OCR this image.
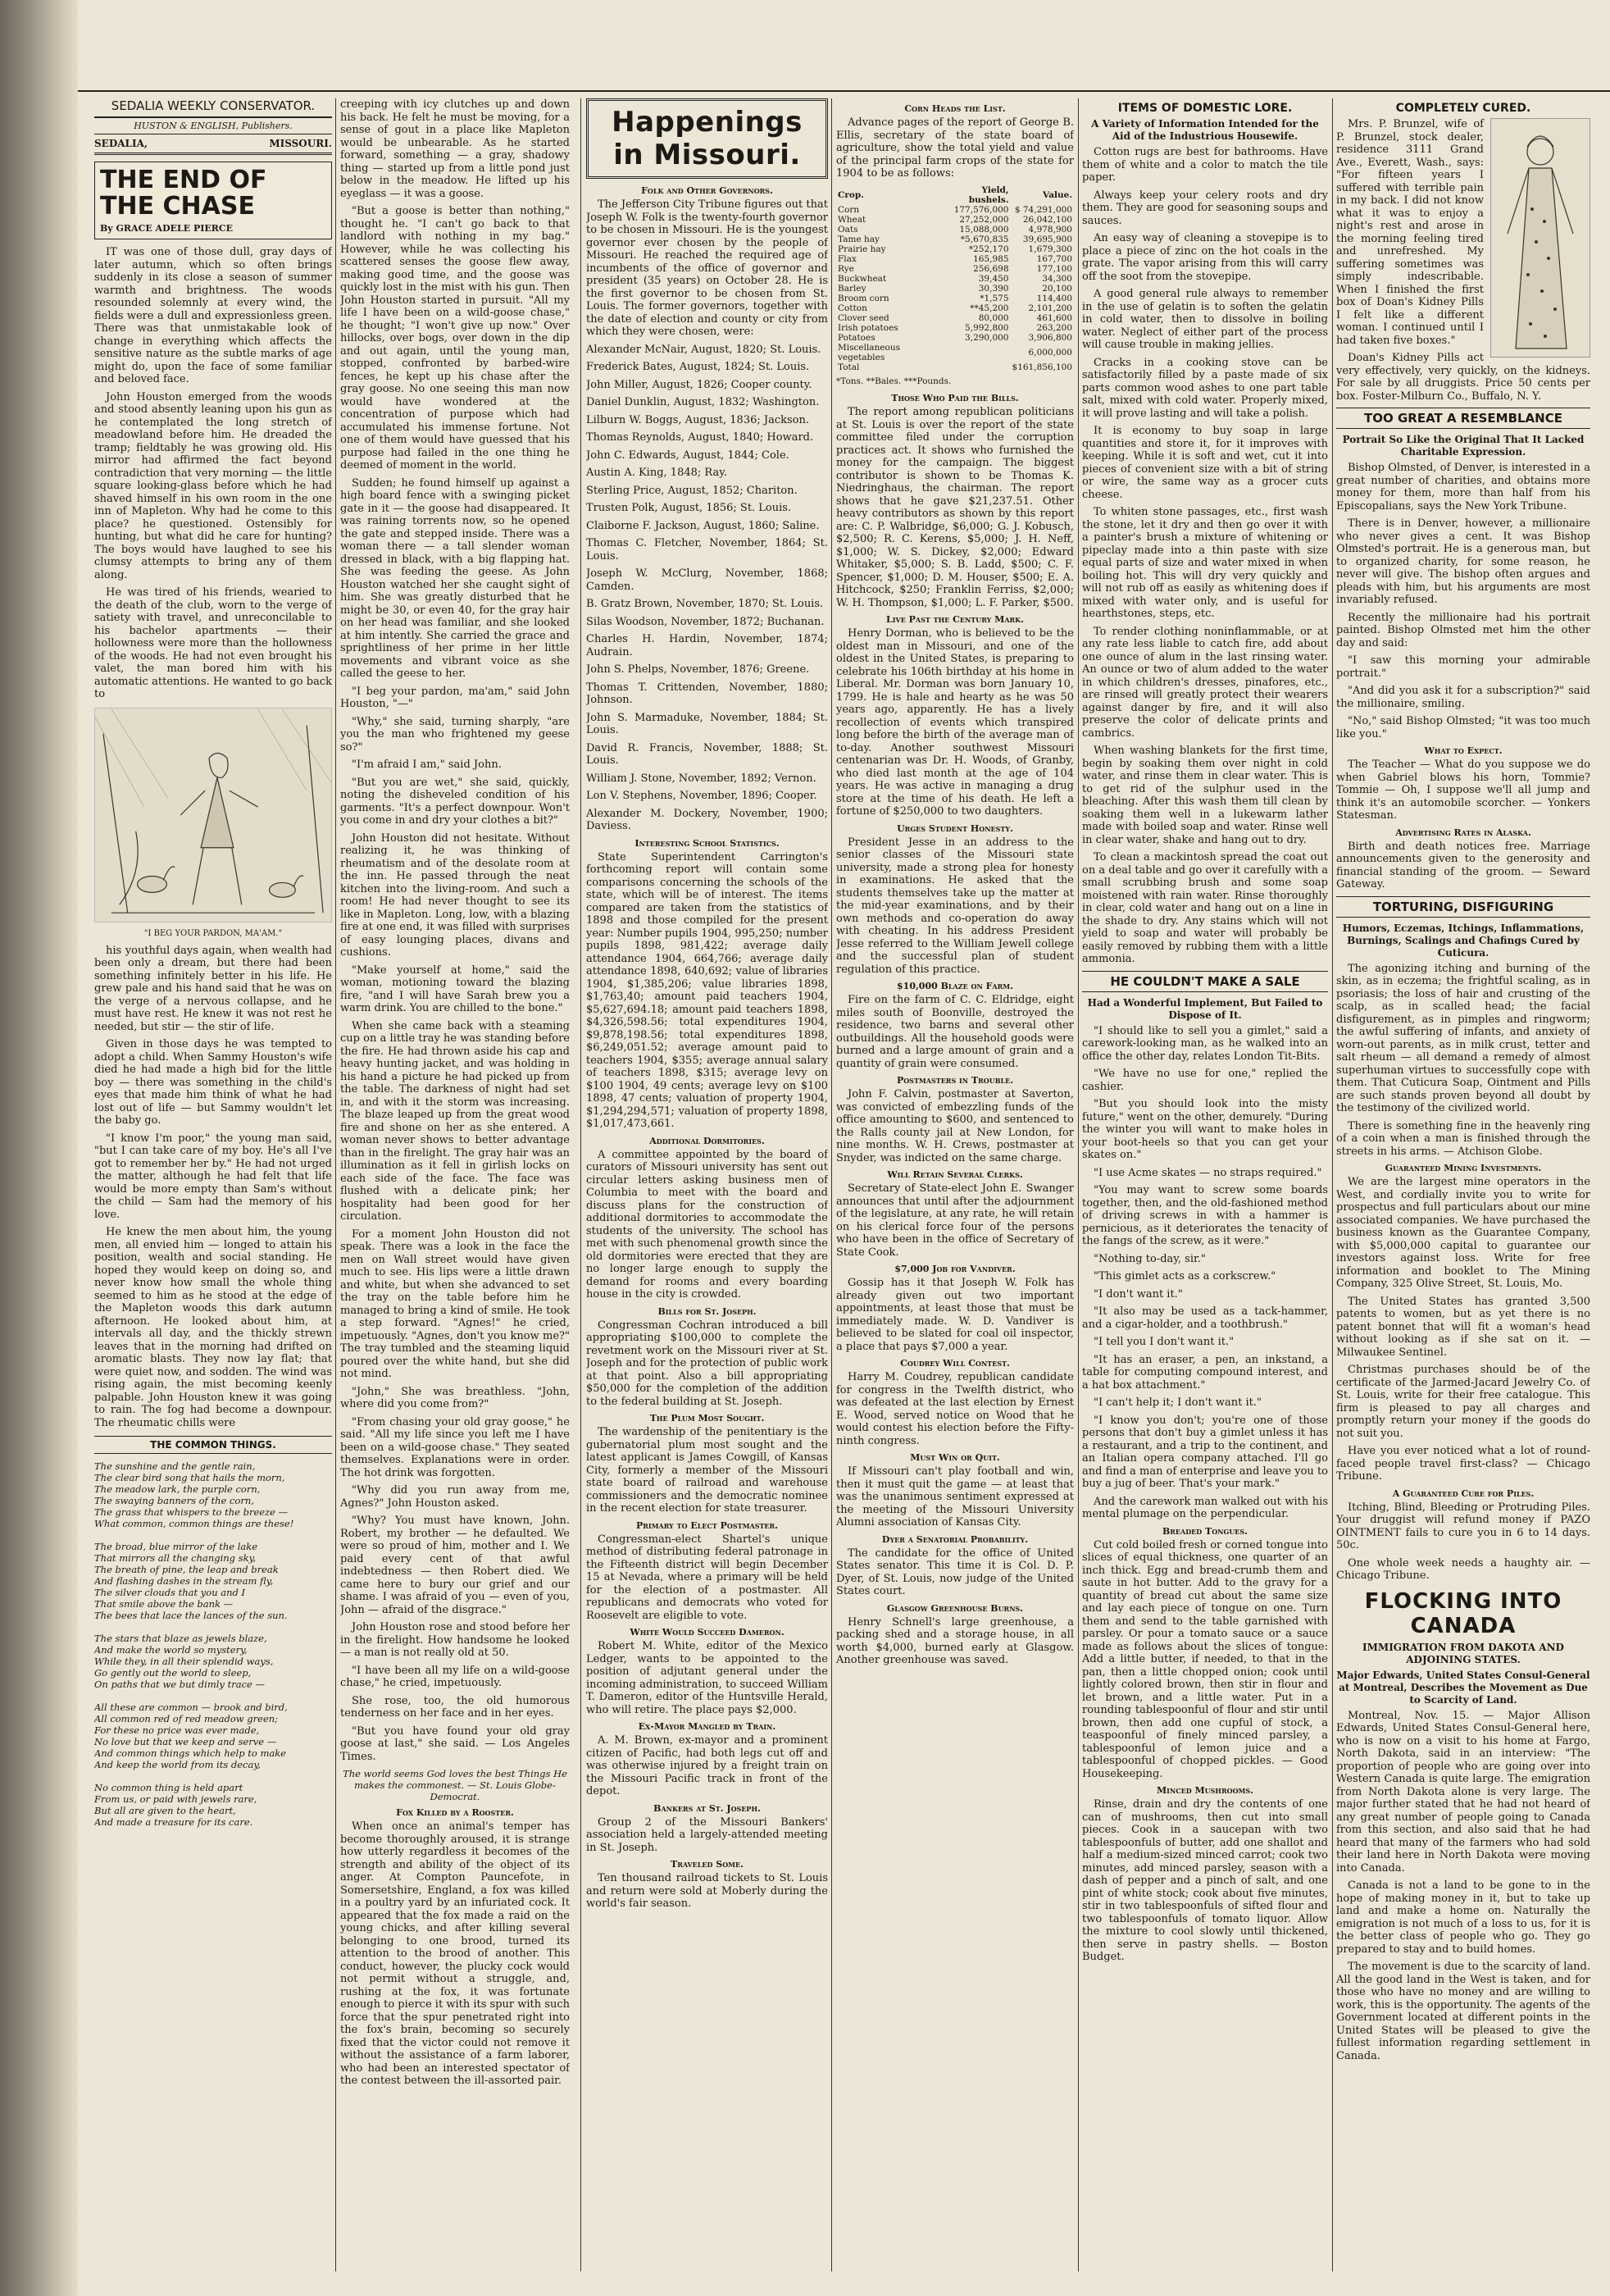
SEDALIA WEEKLY CONSERVATOR.
HUSTON & ENGLISH, Publishers.
SEDALIA,	MISSOURI.
THE END OF THE CHASE
By GRACE ADELE PIERCE

IT was one of those dull, gray days of later autumn, which so often brings suddenly in its close a season of summer warmth and brightness. The woods resounded solemnly at every wind, the fields were a dull and expressionless green. There was that unmistakable look of change in everything which affects the sensitive nature as the subtle marks of age might do, upon the face of some familiar and beloved face.

John Houston emerged from the woods and stood absently leaning upon his gun as he contemplated the long stretch of meadowland before him. He dreaded the tramp; fieldtably he was growing old. His mirror had affirmed the fact beyond contradiction that very morning — the little square looking-glass before which he had shaved himself in his own room in the one inn of Mapleton. Why had he come to this place? he questioned. Ostensibly for hunting, but what did he care for hunting? The boys would have laughed to see his clumsy attempts to bring any of them along.

He was tired of his friends, wearied to the death of the club, worn to the verge of satiety with travel, and unreconcilable to his bachelor apartments — their hollowness were more than the hollowness of the woods. He had not even brought his valet, the man bored him with his automatic attentions. He wanted to go back to

"I BEG YOUR PARDON, MA'AM."

his youthful days again, when wealth had been only a dream, but there had been something infinitely better in his life. He grew pale and his hand said that he was on the verge of a nervous collapse, and he must have rest. He knew it was not rest he needed, but stir — the stir of life.

Given in those days he was tempted to adopt a child. When Sammy Houston's wife died he had made a high bid for the little boy — there was something in the child's eyes that made him think of what he had lost out of life — but Sammy wouldn't let the baby go.

"I know I'm poor," the young man said, "but I can take care of my boy. He's all I've got to remember her by." He had not urged the matter, although he had felt that life would be more empty than Sam's without the child — Sam had the memory of his love.

He knew the men about him, the young men, all envied him — longed to attain his position, wealth and social standing. He hoped they would keep on doing so, and never know how small the whole thing seemed to him as he stood at the edge of the Mapleton woods this dark autumn afternoon. He looked about him, at intervals all day, and the thickly strewn leaves that in the morning had drifted on aromatic blasts. They now lay flat; that were quiet now, and sodden. The wind was rising again, the mist becoming keenly palpable. John Houston knew it was going to rain. The fog had become a downpour. The rheumatic chills were

THE COMMON THINGS.
The sunshine and the gentle rain,
The clear bird song that hails the morn,
The meadow lark, the purple corn,
The swaying banners of the corn,
The grass that whispers to the breeze —
What common, common things are these!

The broad, blue mirror of the lake
That mirrors all the changing sky,
The breath of pine, the leap and break
And flashing dashes in the stream fly,
The silver clouds that you and I
That smile above the bank —
The bees that lace the lances of the sun.

The stars that blaze as jewels blaze,
And make the world so mystery,
While they, in all their splendid ways,
Go gently out the world to sleep,
On paths that we but dimly trace —

All these are common — brook and bird,
All common red of red meadow green;
For these no price was ever made,
No love but that we keep and serve —
And common things which help to make
And keep the world from its decay,

No common thing is held apart
From us, or paid with jewels rare,
But all are given to the heart,
And made a treasure for its care.

creeping with icy clutches up and down his back. He felt he must be moving, for a sense of gout in a place like Mapleton would be unbearable. As he started forward, something — a gray, shadowy thing — started up from a little pond just below in the meadow. He lifted up his eyeglass — it was a goose.

"But a goose is better than nothing," thought he. "I can't go back to that landlord with nothing in my bag." However, while he was collecting his scattered senses the goose flew away, making good time, and the goose was quickly lost in the mist with his gun. Then John Houston started in pursuit. "All my life I have been on a wild-goose chase," he thought; "I won't give up now." Over hillocks, over bogs, over down in the dip and out again, until the young man, stopped, confronted by barbed-wire fences, he kept up his chase after the gray goose. No one seeing this man now would have wondered at the concentration of purpose which had accumulated his immense fortune. Not one of them would have guessed that his purpose had failed in the one thing he deemed of moment in the world.

Sudden; he found himself up against a high board fence with a swinging picket gate in it — the goose had disappeared. It was raining torrents now, so he opened the gate and stepped inside. There was a woman there — a tall slender woman dressed in black, with a big flapping hat. She was feeding the geese. As John Houston watched her she caught sight of him. She was greatly disturbed that he might be 30, or even 40, for the gray hair on her head was familiar, and she looked at him intently. She carried the grace and sprightliness of her prime in her little movements and vibrant voice as she called the geese to her.

"I beg your pardon, ma'am," said John Houston, "—"

"Why," she said, turning sharply, "are you the man who frightened my geese so?"

"I'm afraid I am," said John.

"But you are wet," she said, quickly, noting the disheveled condition of his garments. "It's a perfect downpour. Won't you come in and dry your clothes a bit?"

John Houston did not hesitate. Without realizing it, he was thinking of rheumatism and of the desolate room at the inn. He passed through the neat kitchen into the living-room. And such a room! He had never thought to see its like in Mapleton. Long, low, with a blazing fire at one end, it was filled with surprises of easy lounging places, divans and cushions.

"Make yourself at home," said the woman, motioning toward the blazing fire, "and I will have Sarah brew you a warm drink. You are chilled to the bone."

When she came back with a steaming cup on a little tray he was standing before the fire. He had thrown aside his cap and heavy hunting jacket, and was holding in his hand a picture he had picked up from the table. The darkness of night had set in, and with it the storm was increasing. The blaze leaped up from the great wood fire and shone on her as she entered. A woman never shows to better advantage than in the firelight. The gray hair was an illumination as it fell in girlish locks on each side of the face. The face was flushed with a delicate pink; her hospitality had been good for her circulation.

For a moment John Houston did not speak. There was a look in the face the men on Wall street would have given much to see. His lips were a little drawn and white, but when she advanced to set the tray on the table before him he managed to bring a kind of smile. He took a step forward. "Agnes!" he cried, impetuously. "Agnes, don't you know me?" The tray tumbled and the steaming liquid poured over the white hand, but she did not mind.

"John," She was breathless. "John, where did you come from?"

"From chasing your old gray goose," he said. "All my life since you left me I have been on a wild-goose chase." They seated themselves. Explanations were in order. The hot drink was forgotten.

"Why did you run away from me, Agnes?" John Houston asked.

"Why? You must have known, John. Robert, my brother — he defaulted. We were so proud of him, mother and I. We paid every cent of that awful indebtedness — then Robert died. We came here to bury our grief and our shame. I was afraid of you — even of you, John — afraid of the disgrace."

John Houston rose and stood before her in the firelight. How handsome he looked — a man is not really old at 50.

"I have been all my life on a wild-goose chase," he cried, impetuously.

She rose, too, the old humorous tenderness on her face and in her eyes.

"But you have found your old gray goose at last," she said. — Los Angeles Times.

The world seems God loves the best Things He makes the commonest. — St. Louis Globe-Democrat.

Fox Killed by a Rooster.

When once an animal's temper has become thoroughly aroused, it is strange how utterly regardless it becomes of the strength and ability of the object of its anger. At Compton Pauncefote, in Somersetshire, England, a fox was killed in a poultry yard by an infuriated cock. It appeared that the fox made a raid on the young chicks, and after killing several belonging to one brood, turned its attention to the brood of another. This conduct, however, the plucky cock would not permit without a struggle, and, rushing at the fox, it was fortunate enough to pierce it with its spur with such force that the spur penetrated right into the fox's brain, becoming so securely fixed that the victor could not remove it without the assistance of a farm laborer, who had been an interested spectator of the contest between the ill-assorted pair.

Happenings in Missouri.
Folk and Other Governors.

The Jefferson City Tribune figures out that Joseph W. Folk is the twenty-fourth governor to be chosen in Missouri. He is the youngest governor ever chosen by the people of Missouri. He reached the required age of incumbents of the office of governor and president (35 years) on October 28. He is the first governor to be chosen from St. Louis. The former governors, together with the date of election and county or city from which they were chosen, were:

Alexander McNair, August, 1820; St. Louis.

Frederick Bates, August, 1824; St. Louis.

John Miller, August, 1826; Cooper county.

Daniel Dunklin, August, 1832; Washington.

Lilburn W. Boggs, August, 1836; Jackson.

Thomas Reynolds, August, 1840; Howard.

John C. Edwards, August, 1844; Cole.

Austin A. King, 1848; Ray.

Sterling Price, August, 1852; Chariton.

Trusten Polk, August, 1856; St. Louis.

Claiborne F. Jackson, August, 1860; Saline.

Thomas C. Fletcher, November, 1864; St. Louis.

Joseph W. McClurg, November, 1868; Camden.

B. Gratz Brown, November, 1870; St. Louis.

Silas Woodson, November, 1872; Buchanan.

Charles H. Hardin, November, 1874; Audrain.

John S. Phelps, November, 1876; Greene.

Thomas T. Crittenden, November, 1880; Johnson.

John S. Marmaduke, November, 1884; St. Louis.

David R. Francis, November, 1888; St. Louis.

William J. Stone, November, 1892; Vernon.

Lon V. Stephens, November, 1896; Cooper.

Alexander M. Dockery, November, 1900; Daviess.

Interesting School Statistics.

State Superintendent Carrington's forthcoming report will contain some comparisons concerning the schools of the state, which will be of interest. The items compared are taken from the statistics of 1898 and those compiled for the present year: Number pupils 1904, 995,250; number pupils 1898, 981,422; average daily attendance 1904, 664,766; average daily attendance 1898, 640,692; value of libraries 1904, $1,385,206; value libraries 1898, $1,763,40; amount paid teachers 1904, $5,627,694.18; amount paid teachers 1898, $4,326,598.56; total expenditures 1904, $9,878,198.56; total expenditures 1898, $6,249,051.52; average amount paid to teachers 1904, $355; average annual salary of teachers 1898, $315; average levy on $100 1904, 49 cents; average levy on $100 1898, 47 cents; valuation of property 1904, $1,294,294,571; valuation of property 1898, $1,017,473,661.

Additional Dormitories.

A committee appointed by the board of curators of Missouri university has sent out circular letters asking business men of Columbia to meet with the board and discuss plans for the construction of additional dormitories to accommodate the students of the university. The school has met with such phenomenal growth since the old dormitories were erected that they are no longer large enough to supply the demand for rooms and every boarding house in the city is crowded.

Bills for St. Joseph.

Congressman Cochran introduced a bill appropriating $100,000 to complete the revetment work on the Missouri river at St. Joseph and for the protection of public work at that point. Also a bill appropriating $50,000 for the completion of the addition to the federal building at St. Joseph.

The Plum Most Sought.

The wardenship of the penitentiary is the gubernatorial plum most sought and the latest applicant is James Cowgill, of Kansas City, formerly a member of the Missouri state board of railroad and warehouse commissioners and the democratic nominee in the recent election for state treasurer.

Primary to Elect Postmaster.

Congressman-elect Shartel's unique method of distributing federal patronage in the Fifteenth district will begin December 15 at Nevada, where a primary will be held for the election of a postmaster. All republicans and democrats who voted for Roosevelt are eligible to vote.

White Would Succeed Dameron.

Robert M. White, editor of the Mexico Ledger, wants to be appointed to the position of adjutant general under the incoming administration, to succeed William T. Dameron, editor of the Huntsville Herald, who will retire. The place pays $2,000.

Ex-Mayor Mangled by Train.

A. M. Brown, ex-mayor and a prominent citizen of Pacific, had both legs cut off and was otherwise injured by a freight train on the Missouri Pacific track in front of the depot.

Bankers at St. Joseph.

Group 2 of the Missouri Bankers' association held a largely-attended meeting in St. Joseph.

Traveled Some.

Ten thousand railroad tickets to St. Louis and return were sold at Moberly during the world's fair season.

Corn Heads the List.

Advance pages of the report of George B. Ellis, secretary of the state board of agriculture, show the total yield and value of the principal farm crops of the state for 1904 to be as follows:

Crop.	Yield, bushels.	Value.
Corn	177,576,000	$ 74,291,000
Wheat	27,252,000	26,042,100
Oats	15,088,000	4,978,900
Tame hay	*5,670,835	39,695,900
Prairie hay	*252,170	1,679,300
Flax	165,985	167,700
Rye	256,698	177,100
Buckwheat	39,450	34,300
Barley	30,390	20,100
Broom corn	*1,575	114,400
Cotton	**45,200	2,101,200
Clover seed	80,000	461,600
Irish potatoes	5,992,800	263,200
Potatoes	3,290,000	3,906,800
Miscellaneous vegetables		6,000,000
Total		$161,856,100

*Tons. **Bales. ***Pounds.

Those Who Paid the Bills.

The report among republican politicians at St. Louis is over the report of the state committee filed under the corruption practices act. It shows who furnished the money for the campaign. The biggest contributor is shown to be Thomas K. Niedringhaus, the chairman. The report shows that he gave $21,237.51. Other heavy contributors as shown by this report are: C. P. Walbridge, $6,000; G. J. Kobusch, $2,500; R. C. Kerens, $5,000; J. H. Neff, $1,000; W. S. Dickey, $2,000; Edward Whitaker, $5,000; S. B. Ladd, $500; C. F. Spencer, $1,000; D. M. Houser, $500; E. A. Hitchcock, $250; Franklin Ferriss, $2,000; W. H. Thompson, $1,000; L. F. Parker, $500.

Live Past the Century Mark.

Henry Dorman, who is believed to be the oldest man in Missouri, and one of the oldest in the United States, is preparing to celebrate his 106th birthday at his home in Liberal. Mr. Dorman was born January 10, 1799. He is hale and hearty as he was 50 years ago, apparently. He has a lively recollection of events which transpired long before the birth of the average man of to-day. Another southwest Missouri centenarian was Dr. H. Woods, of Granby, who died last month at the age of 104 years. He was active in managing a drug store at the time of his death. He left a fortune of $250,000 to two daughters.

Urges Student Honesty.

President Jesse in an address to the senior classes of the Missouri state university, made a strong plea for honesty in examinations. He asked that the students themselves take up the matter at the mid-year examinations, and by their own methods and co-operation do away with cheating. In his address President Jesse referred to the William Jewell college and the successful plan of student regulation of this practice.

$10,000 Blaze on Farm.

Fire on the farm of C. C. Eldridge, eight miles south of Boonville, destroyed the residence, two barns and several other outbuildings. All the household goods were burned and a large amount of grain and a quantity of grain were consumed.

Postmasters in Trouble.

John F. Calvin, postmaster at Saverton, was convicted of embezzling funds of the office amounting to $600, and sentenced to the Ralls county jail at New London, for nine months. W. H. Crews, postmaster at Snyder, was indicted on the same charge.

Will Retain Several Clerks.

Secretary of State-elect John E. Swanger announces that until after the adjournment of the legislature, at any rate, he will retain on his clerical force four of the persons who have been in the office of Secretary of State Cook.

$7,000 Job for Vandiver.

Gossip has it that Joseph W. Folk has already given out two important appointments, at least those that must be immediately made. W. D. Vandiver is believed to be slated for coal oil inspector, a place that pays $7,000 a year.

Coudrey Will Contest.

Harry M. Coudrey, republican candidate for congress in the Twelfth district, who was defeated at the last election by Ernest E. Wood, served notice on Wood that he would contest his election before the Fifty-ninth congress.

Must Win or Quit.

If Missouri can't play football and win, then it must quit the game — at least that was the unanimous sentiment expressed at the meeting of the Missouri University Alumni association of Kansas City.

Dyer a Senatorial Probability.

The candidate for the office of United States senator. This time it is Col. D. P. Dyer, of St. Louis, now judge of the United States court.

Glasgow Greenhouse Burns.

Henry Schnell's large greenhouse, a packing shed and a storage house, in all worth $4,000, burned early at Glasgow. Another greenhouse was saved.

ITEMS OF DOMESTIC LORE.
A Variety of Information Intended for the Aid of the Industrious Housewife.

Cotton rugs are best for bathrooms. Have them of white and a color to match the tile paper.

Always keep your celery roots and dry them. They are good for seasoning soups and sauces.

An easy way of cleaning a stovepipe is to place a piece of zinc on the hot coals in the grate. The vapor arising from this will carry off the soot from the stovepipe.

A good general rule always to remember in the use of gelatin is to soften the gelatin in cold water, then to dissolve in boiling water. Neglect of either part of the process will cause trouble in making jellies.

Cracks in a cooking stove can be satisfactorily filled by a paste made of six parts common wood ashes to one part table salt, mixed with cold water. Properly mixed, it will prove lasting and will take a polish.

It is economy to buy soap in large quantities and store it, for it improves with keeping. While it is soft and wet, cut it into pieces of convenient size with a bit of string or wire, the same way as a grocer cuts cheese.

To whiten stone passages, etc., first wash the stone, let it dry and then go over it with a painter's brush a mixture of whitening or pipeclay made into a thin paste with size equal parts of size and water mixed in when boiling hot. This will dry very quickly and will not rub off as easily as whitening does if mixed with water only, and is useful for hearthstones, steps, etc.

To render clothing noninflammable, or at any rate less liable to catch fire, add about one ounce of alum in the last rinsing water. An ounce or two of alum added to the water in which children's dresses, pinafores, etc., are rinsed will greatly protect their wearers against danger by fire, and it will also preserve the color of delicate prints and cambrics.

When washing blankets for the first time, begin by soaking them over night in cold water, and rinse them in clear water. This is to get rid of the sulphur used in the bleaching. After this wash them till clean by soaking them well in a lukewarm lather made with boiled soap and water. Rinse well in clear water, shake and hang out to dry.

To clean a mackintosh spread the coat out on a deal table and go over it carefully with a small scrubbing brush and some soap moistened with rain water. Rinse thoroughly in clear, cold water and hang out on a line in the shade to dry. Any stains which will not yield to soap and water will probably be easily removed by rubbing them with a little ammonia.

HE COULDN'T MAKE A SALE
Had a Wonderful Implement, But Failed to Dispose of It.

"I should like to sell you a gimlet," said a carework-looking man, as he walked into an office the other day, relates London Tit-Bits.

"We have no use for one," replied the cashier.

"But you should look into the misty future," went on the other, demurely. "During the winter you will want to make holes in your boot-heels so that you can get your skates on."

"I use Acme skates — no straps required."

"You may want to screw some boards together, then, and the old-fashioned method of driving screws in with a hammer is pernicious, as it deteriorates the tenacity of the fangs of the screw, as it were."

"Nothing to-day, sir."

"This gimlet acts as a corkscrew."

"I don't want it."

"It also may be used as a tack-hammer, and a cigar-holder, and a toothbrush."

"I tell you I don't want it."

"It has an eraser, a pen, an inkstand, a table for computing compound interest, and a hat box attachment."

"I can't help it; I don't want it."

"I know you don't; you're one of those persons that don't buy a gimlet unless it has a restaurant, and a trip to the continent, and an Italian opera company attached. I'll go and find a man of enterprise and leave you to buy a jug of beer. That's your mark."

And the carework man walked out with his mental plumage on the perpendicular.

Breaded Tongues.

Cut cold boiled fresh or corned tongue into slices of equal thickness, one quarter of an inch thick. Egg and bread-crumb them and saute in hot butter. Add to the gravy for a quantity of bread cut about the same size and lay each piece of tongue on one. Turn them and send to the table garnished with parsley. Or pour a tomato sauce or a sauce made as follows about the slices of tongue: Add a little butter, if needed, to that in the pan, then a little chopped onion; cook until lightly colored brown, then stir in flour and let brown, and a little water. Put in a rounding tablespoonful of flour and stir until brown, then add one cupful of stock, a teaspoonful of finely minced parsley, a tablespoonful of lemon juice and a tablespoonful of chopped pickles. — Good Housekeeping.

Minced Mushrooms.

Rinse, drain and dry the contents of one can of mushrooms, then cut into small pieces. Cook in a saucepan with two tablespoonfuls of butter, add one shallot and half a medium-sized minced carrot; cook two minutes, add minced parsley, season with a dash of pepper and a pinch of salt, and one pint of white stock; cook about five minutes, stir in two tablespoonfuls of sifted flour and two tablespoonfuls of tomato liquor. Allow the mixture to cool slowly until thickened, then serve in pastry shells. — Boston Budget.

COMPLETELY CURED.

Mrs. P. Brunzel, wife of P. Brunzel, stock dealer, residence 3111 Grand Ave., Everett, Wash., says: "For fifteen years I suffered with terrible pain in my back. I did not know what it was to enjoy a night's rest and arose in the morning feeling tired and unrefreshed. My suffering sometimes was simply indescribable. When I finished the first box of Doan's Kidney Pills I felt like a different woman. I continued until I had taken five boxes."

Doan's Kidney Pills act very effectively, very quickly, on the kidneys. For sale by all druggists. Price 50 cents per box. Foster-Milburn Co., Buffalo, N. Y.

TOO GREAT A RESEMBLANCE
Portrait So Like the Original That It Lacked Charitable Expression.

Bishop Olmsted, of Denver, is interested in a great number of charities, and obtains more money for them, more than half from his Episcopalians, says the New York Tribune.

There is in Denver, however, a millionaire who never gives a cent. It was Bishop Olmsted's portrait. He is a generous man, but to organized charity, for some reason, he never will give. The bishop often argues and pleads with him, but his arguments are most invariably refused.

Recently the millionaire had his portrait painted. Bishop Olmsted met him the other day and said:

"I saw this morning your admirable portrait."

"And did you ask it for a subscription?" said the millionaire, smiling.

"No," said Bishop Olmsted; "it was too much like you."

What to Expect.

The Teacher — What do you suppose we do when Gabriel blows his horn, Tommie? Tommie — Oh, I suppose we'll all jump and think it's an automobile scorcher. — Yonkers Statesman.

Advertising Rates in Alaska.

Birth and death notices free. Marriage announcements given to the generosity and financial standing of the groom. — Seward Gateway.

TORTURING, DISFIGURING
Humors, Eczemas, Itchings, Inflammations, Burnings, Scalings and Chafings Cured by Cuticura.

The agonizing itching and burning of the skin, as in eczema; the frightful scaling, as in psoriasis; the loss of hair and crusting of the scalp, as in scalled head; the facial disfigurement, as in pimples and ringworm; the awful suffering of infants, and anxiety of worn-out parents, as in milk crust, tetter and salt rheum — all demand a remedy of almost superhuman virtues to successfully cope with them. That Cuticura Soap, Ointment and Pills are such stands proven beyond all doubt by the testimony of the civilized world.

There is something fine in the heavenly ring of a coin when a man is finished through the streets in his arms. — Atchison Globe.

Guaranteed Mining Investments.

We are the largest mine operators in the West, and cordially invite you to write for prospectus and full particulars about our mine associated companies. We have purchased the business known as the Guarantee Company, with $5,000,000 capital to guarantee our investors against loss. Write for free information and booklet to The Mining Company, 325 Olive Street, St. Louis, Mo.

The United States has granted 3,500 patents to women, but as yet there is no patent bonnet that will fit a woman's head without looking as if she sat on it. — Milwaukee Sentinel.

Christmas purchases should be of the certificate of the Jarmed-Jacard Jewelry Co. of St. Louis, write for their free catalogue. This firm is pleased to pay all charges and promptly return your money if the goods do not suit you.

Have you ever noticed what a lot of round-faced people travel first-class? — Chicago Tribune.

A Guaranteed Cure for Piles.

Itching, Blind, Bleeding or Protruding Piles. Your druggist will refund money if PAZO OINTMENT fails to cure you in 6 to 14 days. 50c.

One whole week needs a haughty air. — Chicago Tribune.

FLOCKING INTO CANADA
IMMIGRATION FROM DAKOTA AND ADJOINING STATES.
Major Edwards, United States Consul-General at Montreal, Describes the Movement as Due to Scarcity of Land.

Montreal, Nov. 15. — Major Allison Edwards, United States Consul-General here, who is now on a visit to his home at Fargo, North Dakota, said in an interview: "The proportion of people who are going over into Western Canada is quite large. The emigration from North Dakota alone is very large. The major further stated that he had not heard of any great number of people going to Canada from this section, and also said that he had heard that many of the farmers who had sold their land here in North Dakota were moving into Canada.

Canada is not a land to be gone to in the hope of making money in it, but to take up land and make a home on. Naturally the emigration is not much of a loss to us, for it is the better class of people who go. They go prepared to stay and to build homes.

The movement is due to the scarcity of land. All the good land in the West is taken, and for those who have no money and are willing to work, this is the opportunity. The agents of the Government located at different points in the United States will be pleased to give the fullest information regarding settlement in Canada.
